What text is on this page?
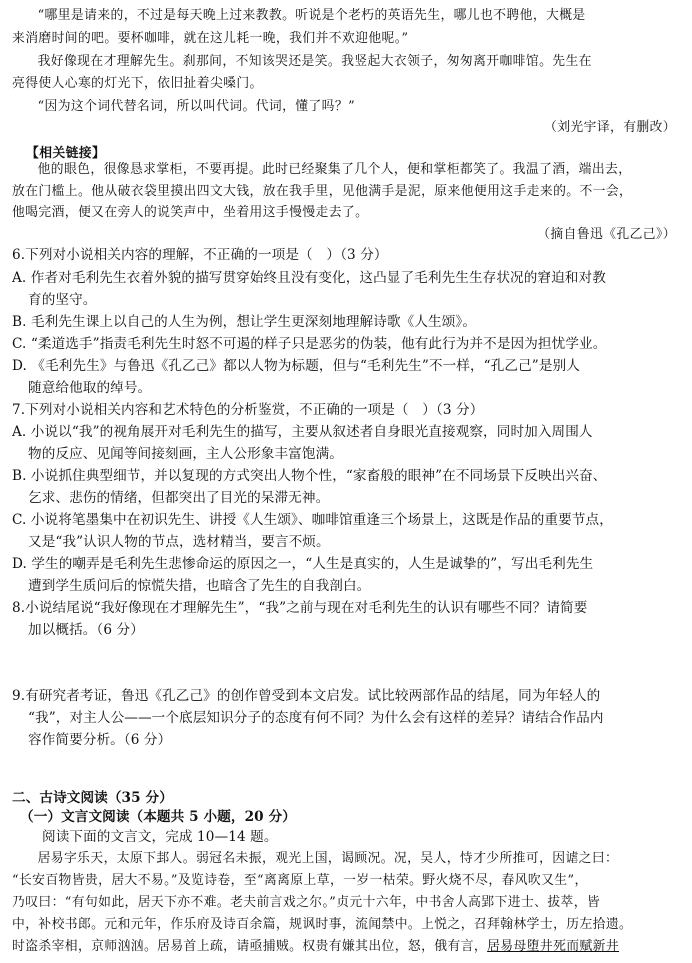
“哪里是请来的，不过是每天晚上过来教教。听说是个老朽的英语先生，哪儿也不聘他，大概是
来消磨时间的吧。要杯咖啡，就在这儿耗一晚，我们并不欢迎他呢。”
我好像现在才理解先生。刹那间，不知该哭还是笑。我竖起大衣领子，匆匆离开咖啡馆。先生在
亮得使人心寒的灯光下，依旧扯着尖嗓门。
“因为这个词代替名词，所以叫代词。代词，懂了吗？”
（刘光宇译，有删改）
【相关链接】
他的眼色，很像恳求掌柜，不要再提。此时已经聚集了几个人，便和掌柜都笑了。我温了酒，端出去，
放在门槛上。他从破衣袋里摸出四文大钱，放在我手里，见他满手是泥，原来他便用这手走来的。不一会，
他喝完酒，便又在旁人的说笑声中，坐着用这手慢慢走去了。
（摘自鲁迅《孔乙己》）
6.下列对小说相关内容的理解，不正确的一项是（　）（3 分）
A. 作者对毛利先生衣着外貌的描写贯穿始终且没有变化，这凸显了毛利先生生存状况的窘迫和对教
育的坚守。
B. 毛利先生课上以自己的人生为例，想让学生更深刻地理解诗歌《人生颂》。
C. “柔道选手”指责毛利先生时怒不可遏的样子只是恶劣的伪装，他有此行为并不是因为担忧学业。
D. 《毛利先生》与鲁迅《孔乙己》都以人物为标题，但与“毛利先生”不一样，“孔乙己”是别人
随意给他取的绰号。
7.下列对小说相关内容和艺术特色的分析鉴赏，不正确的一项是（　）（3 分）
A. 小说以“我”的视角展开对毛利先生的描写，主要从叙述者自身眼光直接观察，同时加入周围人
物的反应、见闻等间接刻画，主人公形象丰富饱满。
B. 小说抓住典型细节，并以复现的方式突出人物个性，“家畜般的眼神”在不同场景下反映出兴奋、
乞求、悲伤的情绪，但都突出了目光的呆滞无神。
C. 小说将笔墨集中在初识先生、讲授《人生颂》、咖啡馆重逢三个场景上，这既是作品的重要节点，
又是“我”认识人物的节点，选材精当，要言不烦。
D. 学生的嘲弄是毛利先生悲惨命运的原因之一，“人生是真实的，人生是诚挚的”，写出毛利先生
遭到学生质问后的惊慌失措，也暗含了先生的自我剖白。
8.小说结尾说“我好像现在才理解先生”，“我”之前与现在对毛利先生的认识有哪些不同？请简要
加以概括。（6 分）
9.有研究者考证，鲁迅《孔乙己》的创作曾受到本文启发。试比较两部作品的结尾，同为年轻人的
“我”，对主人公——一个底层知识分子的态度有何不同？为什么会有这样的差异？请结合作品内
容作简要分析。（6 分）
二、古诗文阅读（35 分）
（一）文言文阅读（本题共 5 小题，20 分）
阅读下面的文言文，完成 10—14 题。
居易字乐天，太原下邽人。弱冠名未振，观光上国，谒顾况。况，吴人，恃才少所推可，因谑之曰：
“长安百物皆贵，居大不易。”及览诗卷，至“离离原上草，一岁一枯荣。野火烧不尽，春风吹又生”，
乃叹曰：“有句如此，居天下亦不难。老夫前言戏之尔。”贞元十六年，中书舍人高郢下进士、拔萃，皆
中，补校书郎。元和元年，作乐府及诗百余篇，规讽时事，流闻禁中。上悦之，召拜翰林学士，历左拾遗。
时盗杀宰相，京师汹汹。居易首上疏，请亟捕贼。权贵有嫌其出位，怒，俄有言，居易母堕井死而赋新井
